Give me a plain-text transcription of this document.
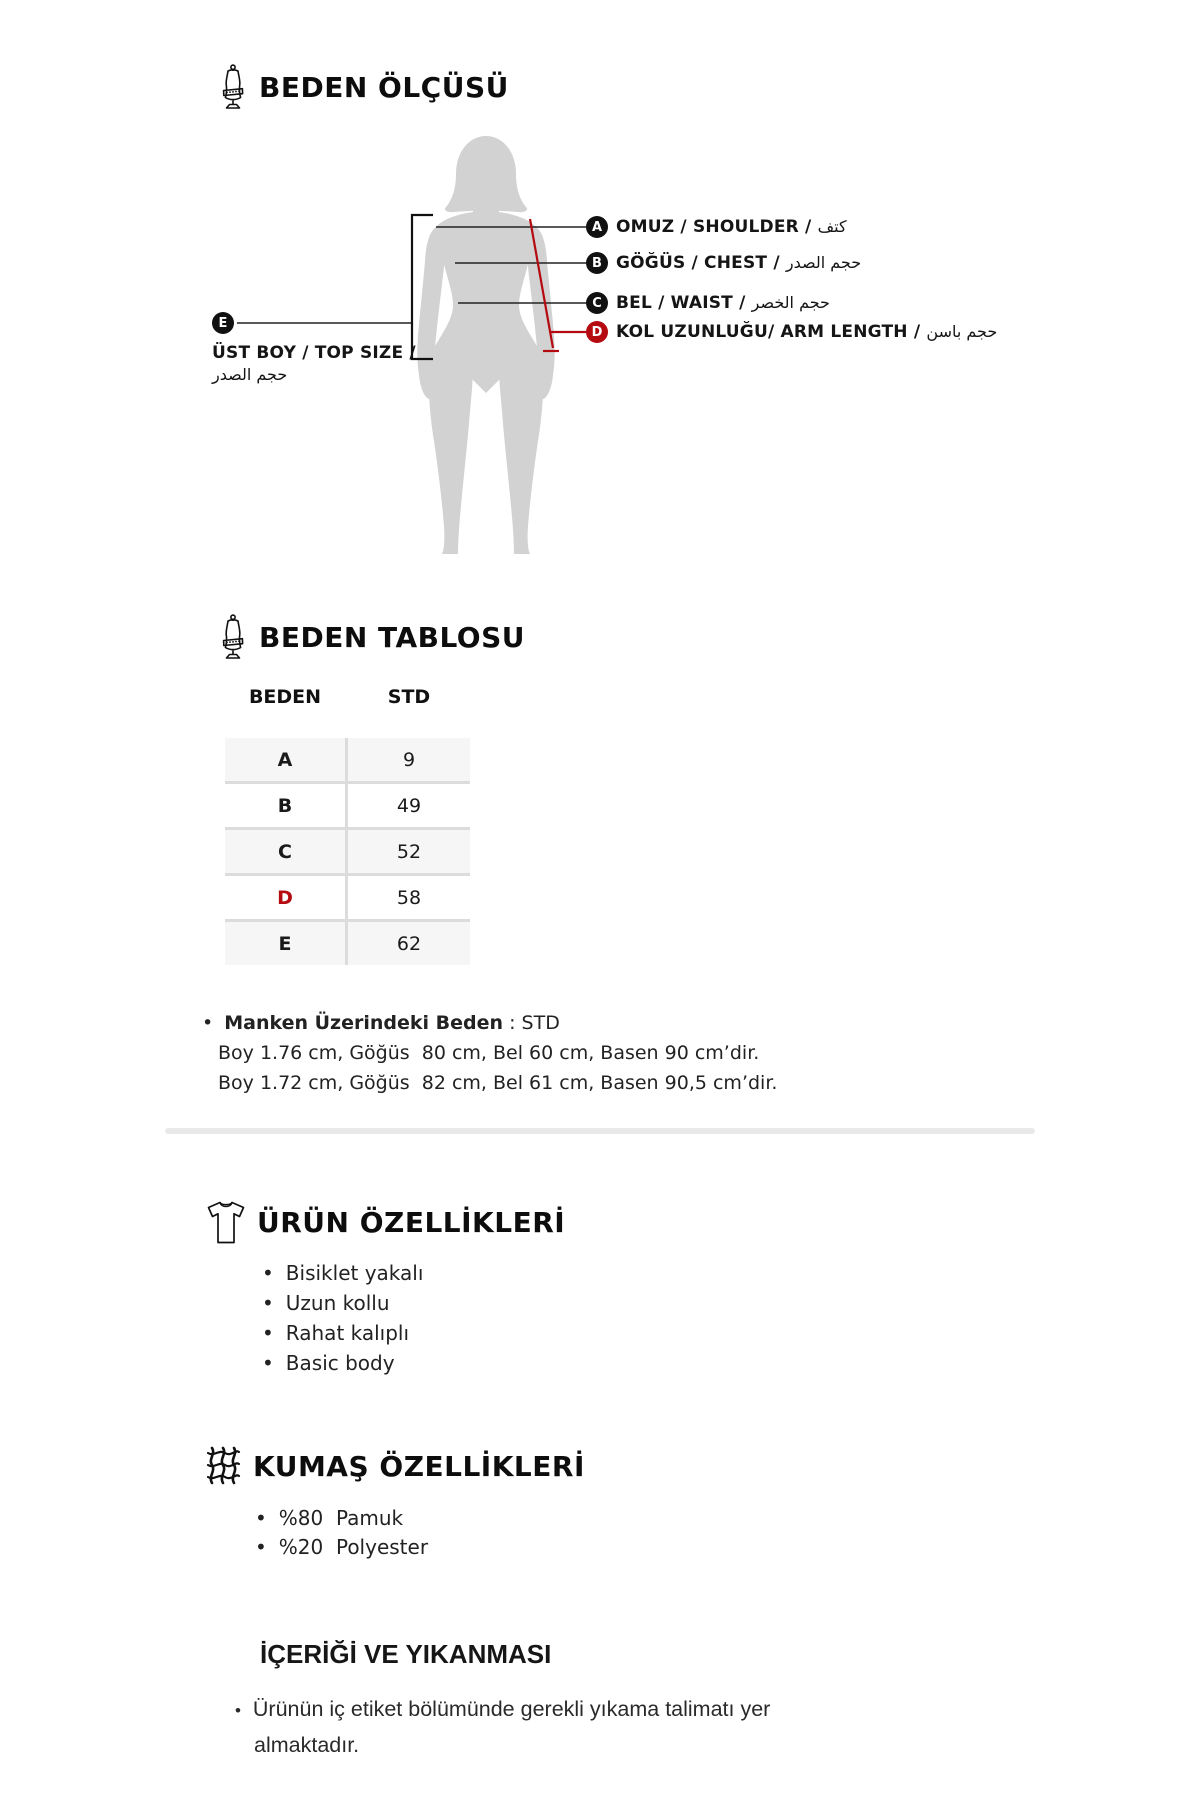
BEDEN ÖLÇÜSÜ
A OMUZ / SHOULDER / كتف
B GÖĞÜS / CHEST / حجم الصدر
C BEL / WAIST / حجم الخصر
D KOL UZUNLUĞU/ ARM LENGTH / حجم باسن
E
ÜST BOY / TOP SIZE /
حجم الصدر
BEDEN TABLOSU
BEDEN	STD
A	9
B	49
C	52
D	58
E	62
• Manken Üzerindeki Beden : STD
Boy 1.76 cm, Göğüs  80 cm, Bel 60 cm, Basen 90 cm’dir.
Boy 1.72 cm, Göğüs  82 cm, Bel 61 cm, Basen 90,5 cm’dir.
ÜRÜN ÖZELLİKLERİ
• Bisiklet yakalı
• Uzun kollu
• Rahat kalıplı
• Basic body
KUMAŞ ÖZELLİKLERİ
• %80  Pamuk
• %20  Polyester
İÇERİĞİ VE YIKANMASI
• Ürünün iç etiket bölümünde gerekli yıkama talimatı yer
almaktadır.
